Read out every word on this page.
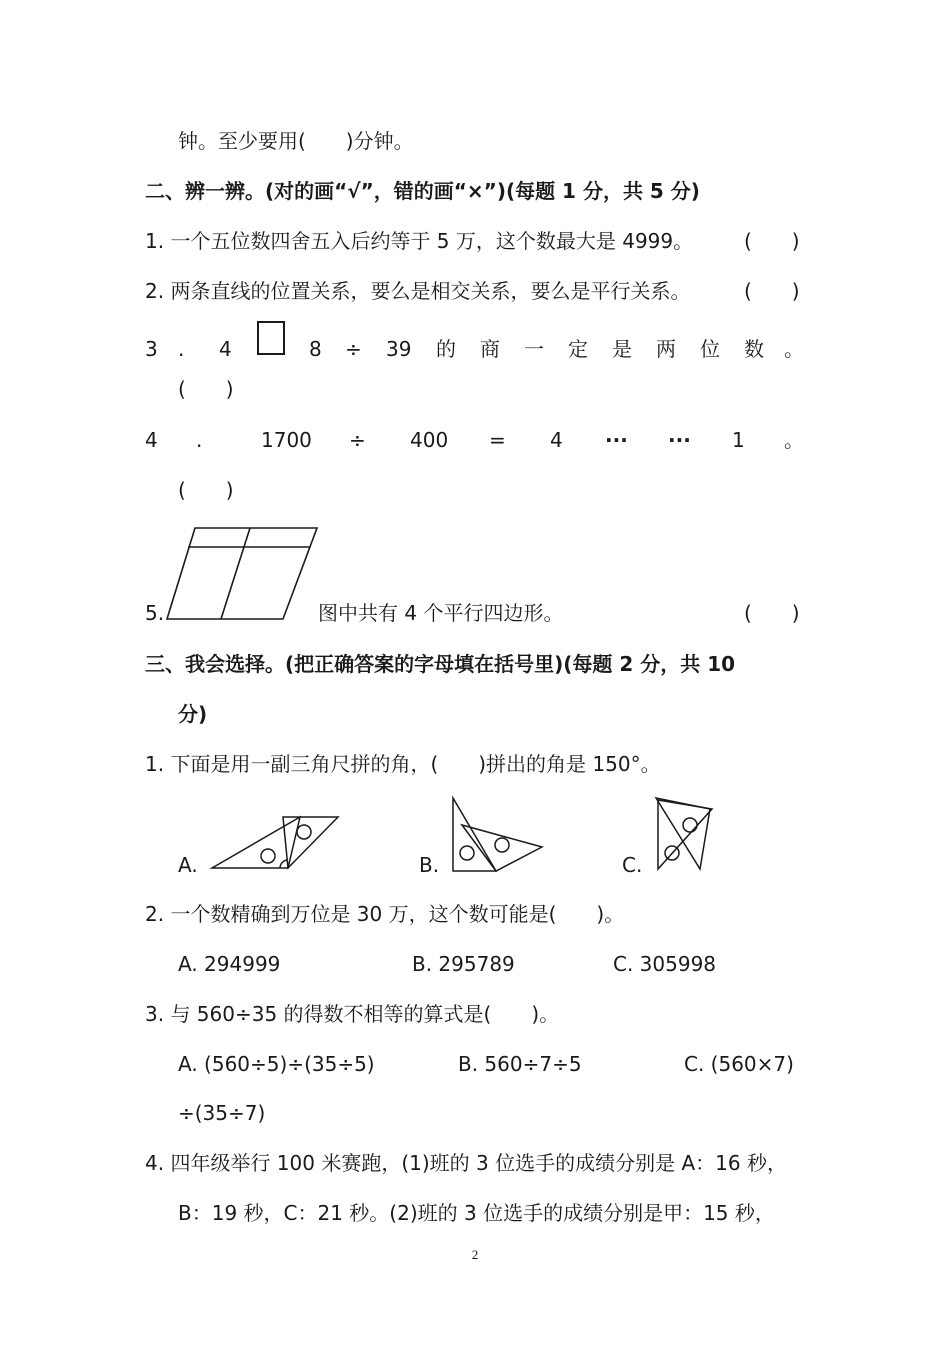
钟。至少要用(　　)分钟。
二、辨一辨。(对的画“√”，错的画“×”)(每题 1 分，共 5 分)
1. 一个五位数四舍五入后约等于 5 万，这个数最大是 4999。	(　　)
2. 两条直线的位置关系，要么是相交关系，要么是平行关系。	(　　)
3 . 4	8 ÷ 39 的 商 一 定 是 两 位 数 。
(　　)
4 .	1700 ÷ 400 = 4 ··· ··· 1 。
(　　)
5.	图中共有 4 个平行四边形。	(　　)
三、我会选择。(把正确答案的字母填在括号里)(每题 2 分，共 10
分)
1. 下面是用一副三角尺拼的角，(　　)拼出的角是 150°。
A.	B.	C.
2. 一个数精确到万位是 30 万，这个数可能是(　　)。
A. 294999	B. 295789	C. 305998
3. 与 560÷35 的得数不相等的算式是(　　)。
A. (560÷5)÷(35÷5)	B. 560÷7÷5	C. (560×7)
÷(35÷7)
4. 四年级举行 100 米赛跑，(1)班的 3 位选手的成绩分别是 A：16 秒，
B：19 秒，C：21 秒。(2)班的 3 位选手的成绩分别是甲：15 秒，
2
